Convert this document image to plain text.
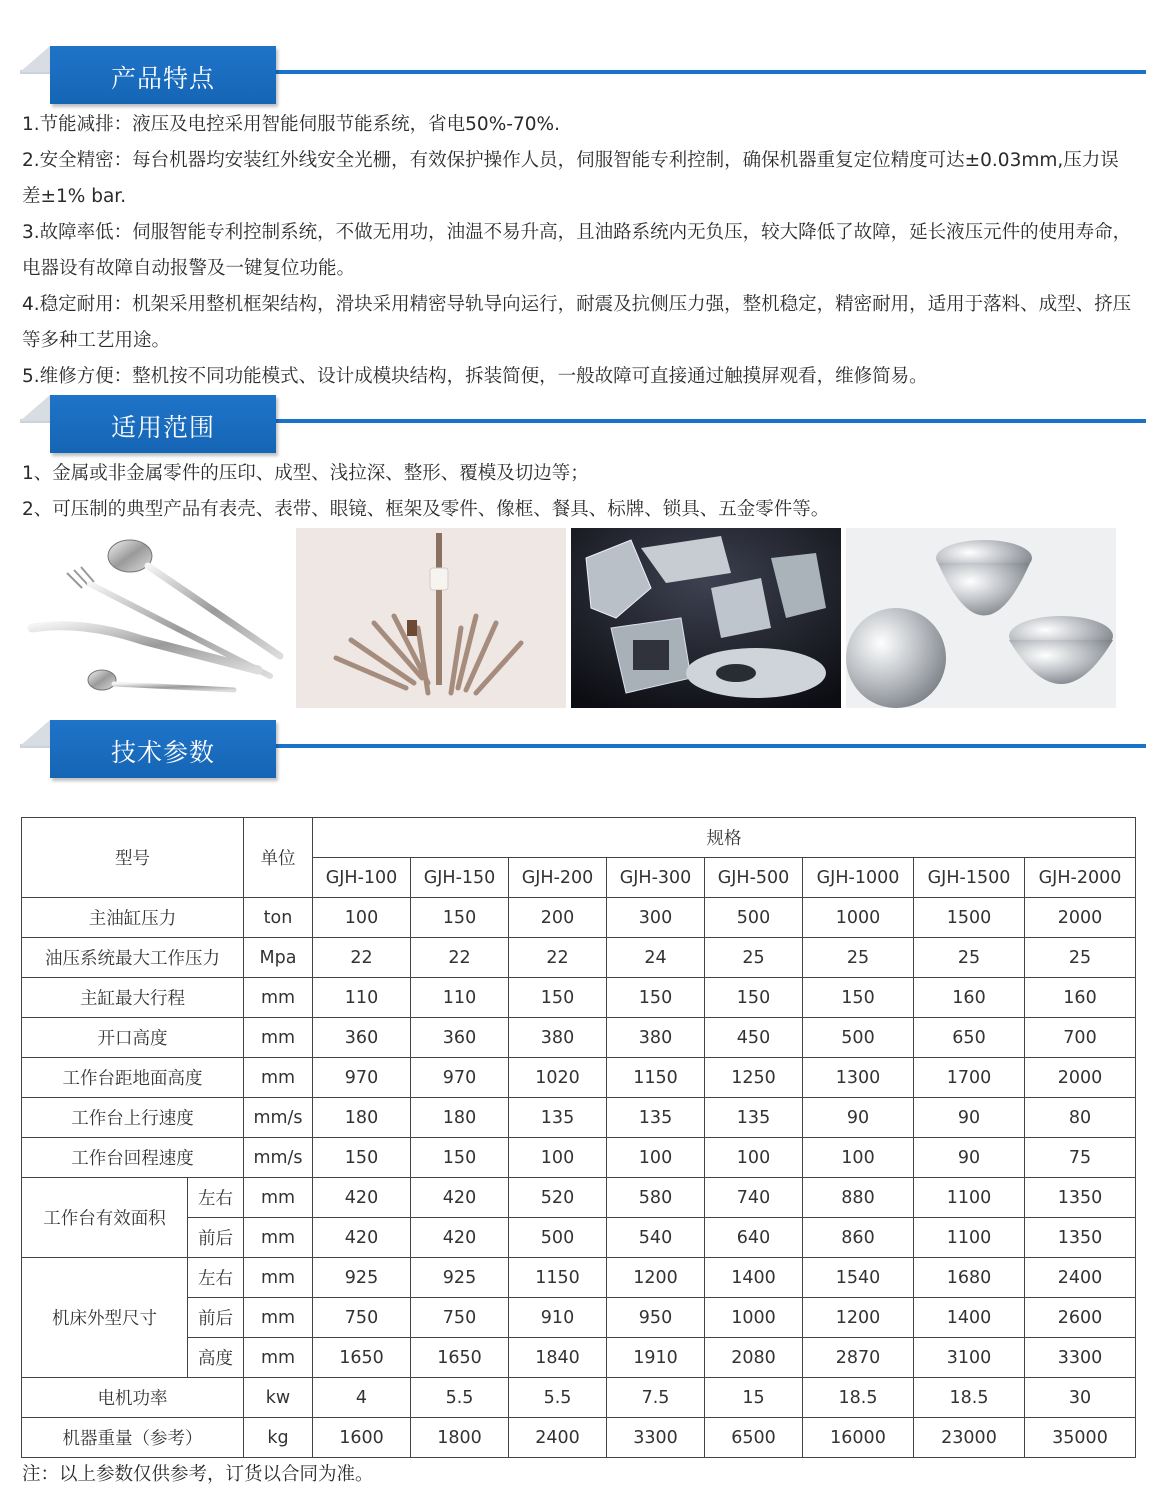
产品特点

1.节能减排：液压及电控采用智能伺服节能系统，省电50%-70%.

2.安全精密：每台机器均安装红外线安全光栅，有效保护操作人员，伺服智能专利控制，确保机器重复定位精度可达±0.03mm,压力误差±1% bar.

3.故障率低：伺服智能专利控制系统，不做无用功，油温不易升高，且油路系统内无负压，较大降低了故障，延长液压元件的使用寿命，电器设有故障自动报警及一键复位功能。

4.稳定耐用：机架采用整机框架结构，滑块采用精密导轨导向运行，耐震及抗侧压力强，整机稳定，精密耐用，适用于落料、成型、挤压等多种工艺用途。

5.维修方便：整机按不同功能模式、设计成模块结构，拆装简便，一般故障可直接通过触摸屏观看，维修简易。

适用范围

1、金属或非金属零件的压印、成型、浅拉深、整形、覆模及切边等；

2、可压制的典型产品有表壳、表带、眼镜、框架及零件、像框、餐具、标牌、锁具、五金零件等。

技术参数
型号		单位	规格							
			GJH-100	GJH-150	GJH-200	GJH-300	GJH-500	GJH-1000	GJH-1500	GJH-2000
主油缸压力		ton	100	150	200	300	500	1000	1500	2000
油压系统最大工作压力		Mpa	22	22	22	24	25	25	25	25
主缸最大行程		mm	110	110	150	150	150	150	160	160
开口高度		mm	360	360	380	380	450	500	650	700
工作台距地面高度		mm	970	970	1020	1150	1250	1300	1700	2000
工作台上行速度		mm/s	180	180	135	135	135	90	90	80
工作台回程速度		mm/s	150	150	100	100	100	100	90	75
工作台有效面积	左右	mm	420	420	520	580	740	880	1100	1350
	前后	mm	420	420	500	540	640	860	1100	1350
机床外型尺寸	左右	mm	925	925	1150	1200	1400	1540	1680	2400
	前后	mm	750	750	910	950	1000	1200	1400	2600
	高度	mm	1650	1650	1840	1910	2080	2870	3100	3300
电机功率		kw	4	5.5	5.5	7.5	15	18.5	18.5	30
机器重量（参考）		kg	1600	1800	2400	3300	6500	16000	23000	35000
注：以上参数仅供参考，订货以合同为准。
